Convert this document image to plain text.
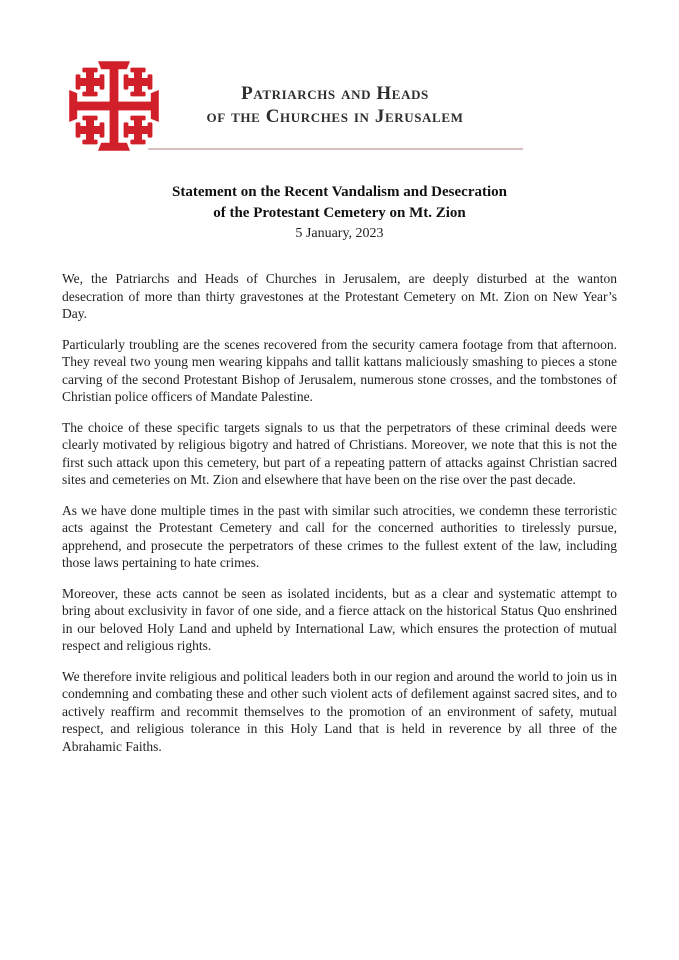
Patriarchs and Heads
of the Churches in Jerusalem
Statement on the Recent Vandalism and Desecration
of the Protestant Cemetery on Mt. Zion
5 January, 2023

We, the Patriarchs and Heads of Churches in Jerusalem, are deeply disturbed at the wanton desecration of more than thirty gravestones at the Protestant Cemetery on Mt. Zion on New Year’s Day.

Particularly troubling are the scenes recovered from the security camera footage from that afternoon. They reveal two young men wearing kippahs and tallit kattans maliciously smashing to pieces a stone carving of the second Protestant Bishop of Jerusalem, numerous stone crosses, and the tombstones of Christian police officers of Mandate Palestine.

The choice of these specific targets signals to us that the perpetrators of these criminal deeds were clearly motivated by religious bigotry and hatred of Christians. Moreover, we note that this is not the first such attack upon this cemetery, but part of a repeating pattern of attacks against Christian sacred sites and cemeteries on Mt. Zion and elsewhere that have been on the rise over the past decade.

As we have done multiple times in the past with similar such atrocities, we condemn these terroristic acts against the Protestant Cemetery and call for the concerned authorities to tirelessly pursue, apprehend, and prosecute the perpetrators of these crimes to the fullest extent of the law, including those laws pertaining to hate crimes.

Moreover, these acts cannot be seen as isolated incidents, but as a clear and systematic attempt to bring about exclusivity in favor of one side, and a fierce attack on the historical Status Quo enshrined in our beloved Holy Land and upheld by International Law, which ensures the protection of mutual respect and religious rights.

We therefore invite religious and political leaders both in our region and around the world to join us in condemning and combating these and other such violent acts of defilement against sacred sites, and to actively reaffirm and recommit themselves to the promotion of an environment of safety, mutual respect, and religious tolerance in this Holy Land that is held in reverence by all three of the Abrahamic Faiths.
